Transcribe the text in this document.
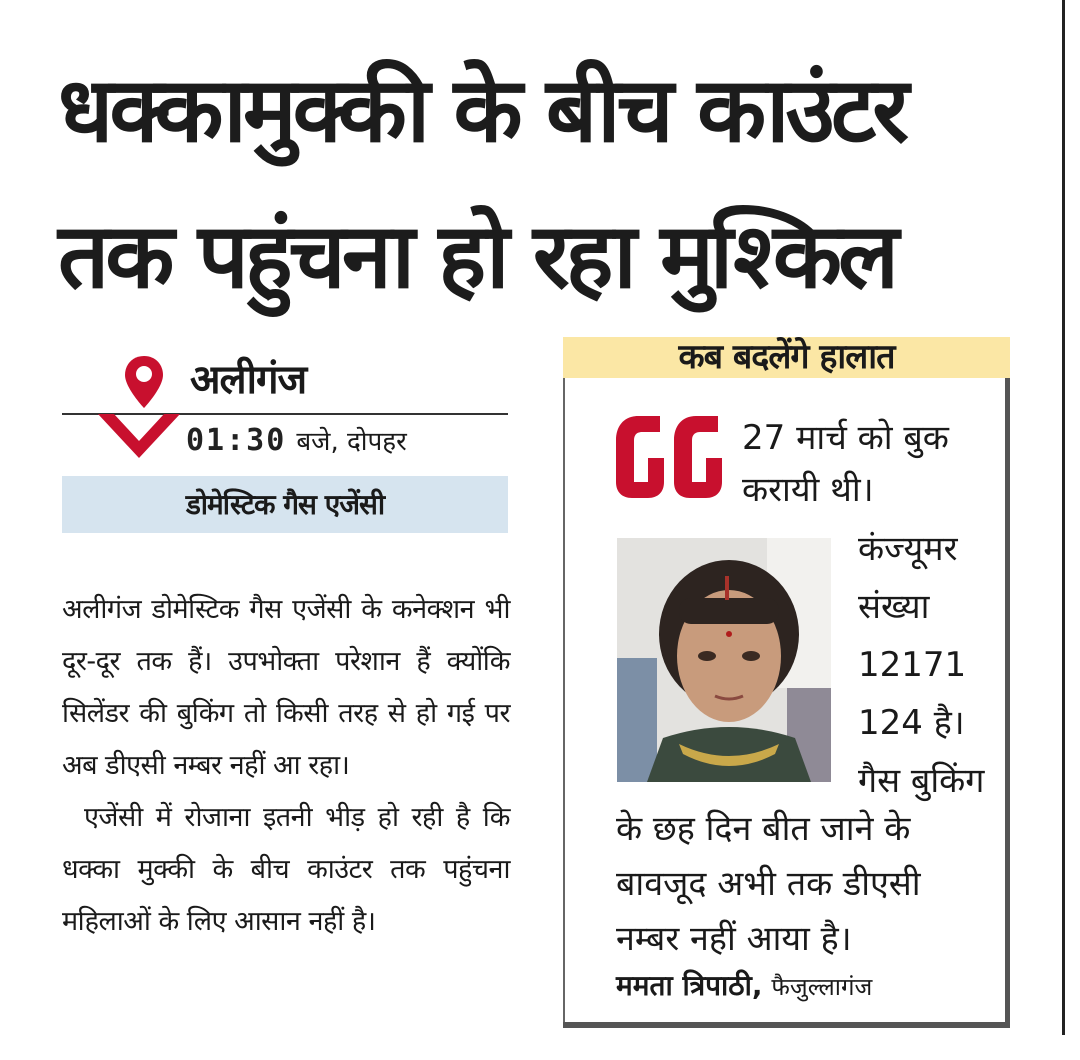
धक्कामुक्की के बीच काउंटर
तक पहुंचना हो रहा मुश्किल
अलीगंज
01:30 बजे, दोपहर
डोमेस्टिक गैस एजेंसी

अलीगंज डोमेस्टिक गैस एजेंसी के कनेक्शन भी दूर-दूर तक हैं। उपभोक्ता परेशान हैं क्योंकि सिलेंडर की बुकिंग तो किसी तरह से हो गई पर अब डीएसी नम्बर नहीं आ रहा।

एजेंसी में रोजाना इतनी भीड़ हो रही है कि धक्का मुक्की के बीच काउंटर तक पहुंचना महिलाओं के लिए आसान नहीं है।

कब बदलेंगे हालात
27 मार्च को बुक
करायी थी।
कंज्यूमर
संख्या
12171
124 है।
गैस बुकिंग
के छह दिन बीत जाने के
बावजूद अभी तक डीएसी
नम्बर नहीं आया है।
ममता त्रिपाठी, फैजुल्लागंज
